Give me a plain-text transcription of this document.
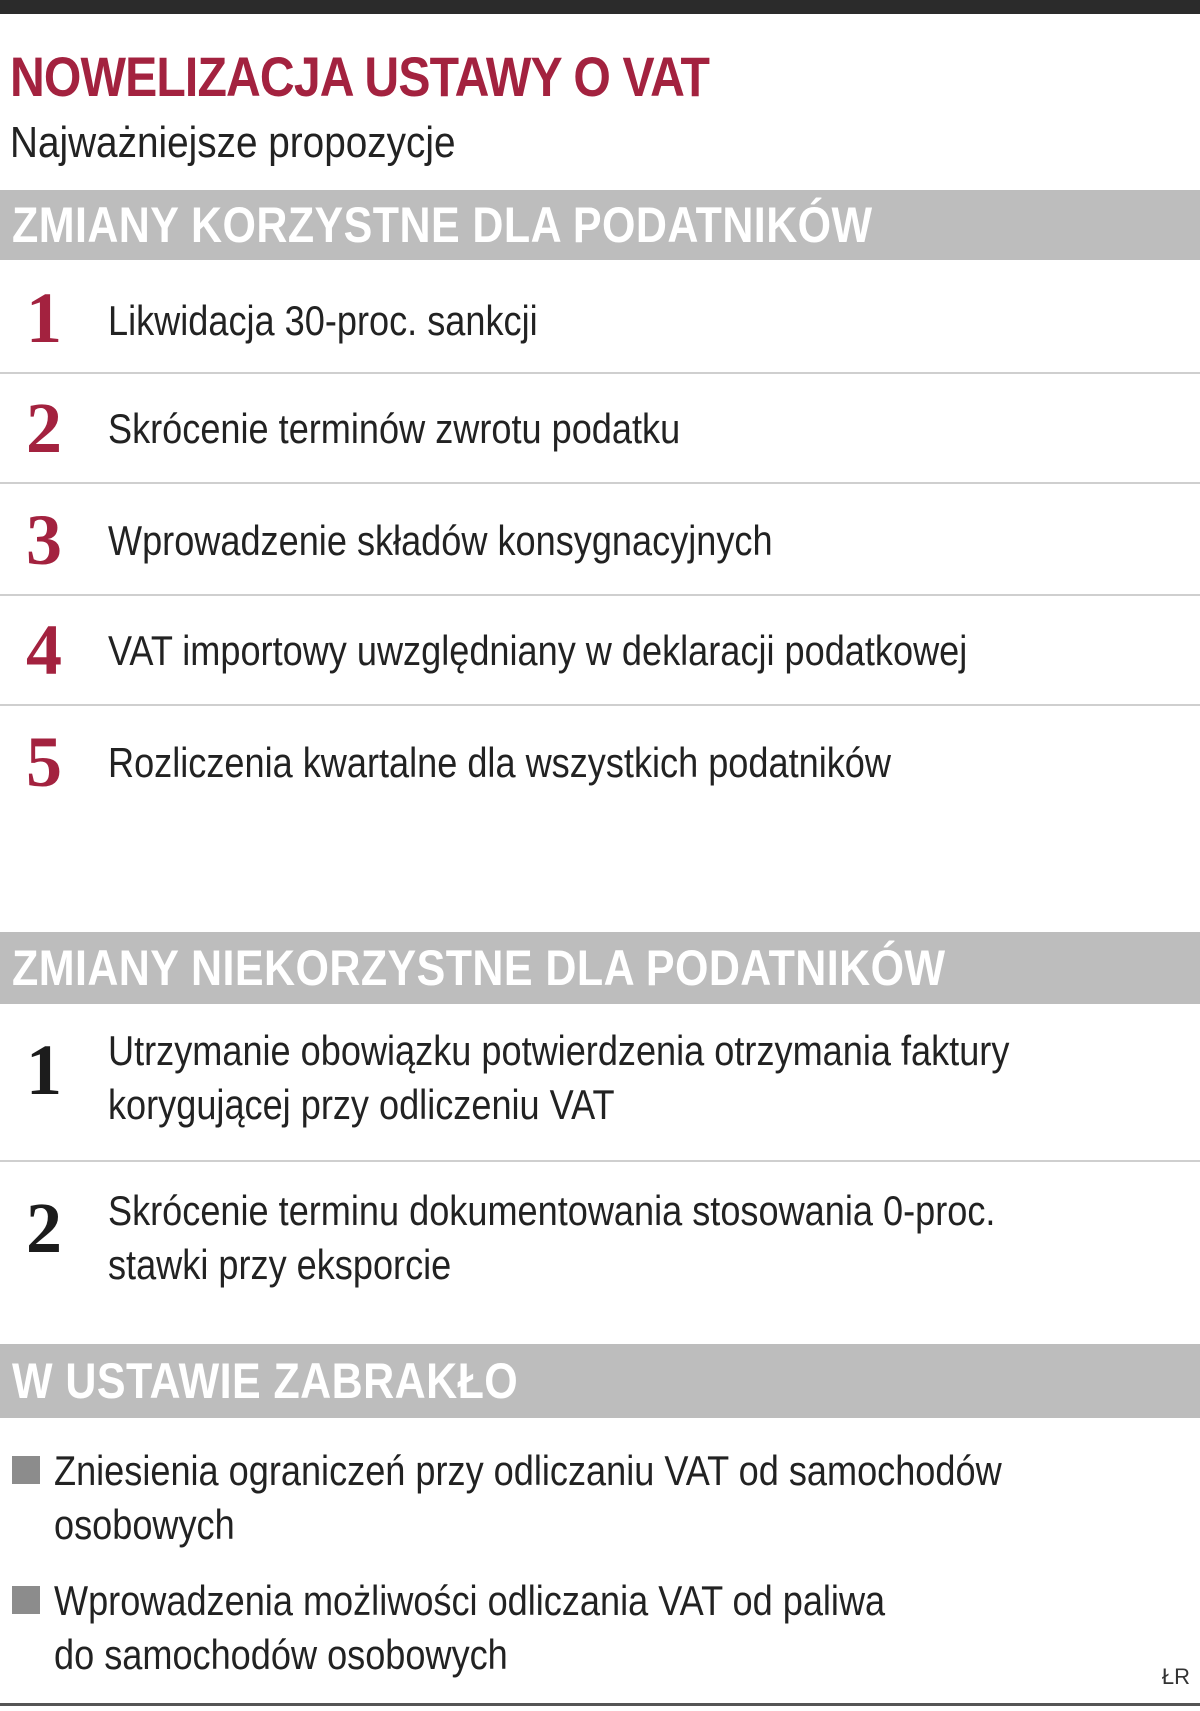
NOWELIZACJA USTAWY O VAT
Najważniejsze propozycje
ZMIANY KORZYSTNE DLA PODATNIKÓW
1 Likwidacja 30-proc. sankcji
2 Skrócenie terminów zwrotu podatku
3 Wprowadzenie składów konsygnacyjnych
4 VAT importowy uwzględniany w deklaracji podatkowej
5 Rozliczenia kwartalne dla wszystkich podatników
ZMIANY NIEKORZYSTNE DLA PODATNIKÓW
1 Utrzymanie obowiązku potwierdzenia otrzymania faktury
korygującej przy odliczeniu VAT
2 Skrócenie terminu dokumentowania stosowania 0-proc.
stawki przy eksporcie
W USTAWIE ZABRAKŁO
Zniesienia ograniczeń przy odliczaniu VAT od samochodów
osobowych
Wprowadzenia możliwości odliczania VAT od paliwa
do samochodów osobowych	ŁR
